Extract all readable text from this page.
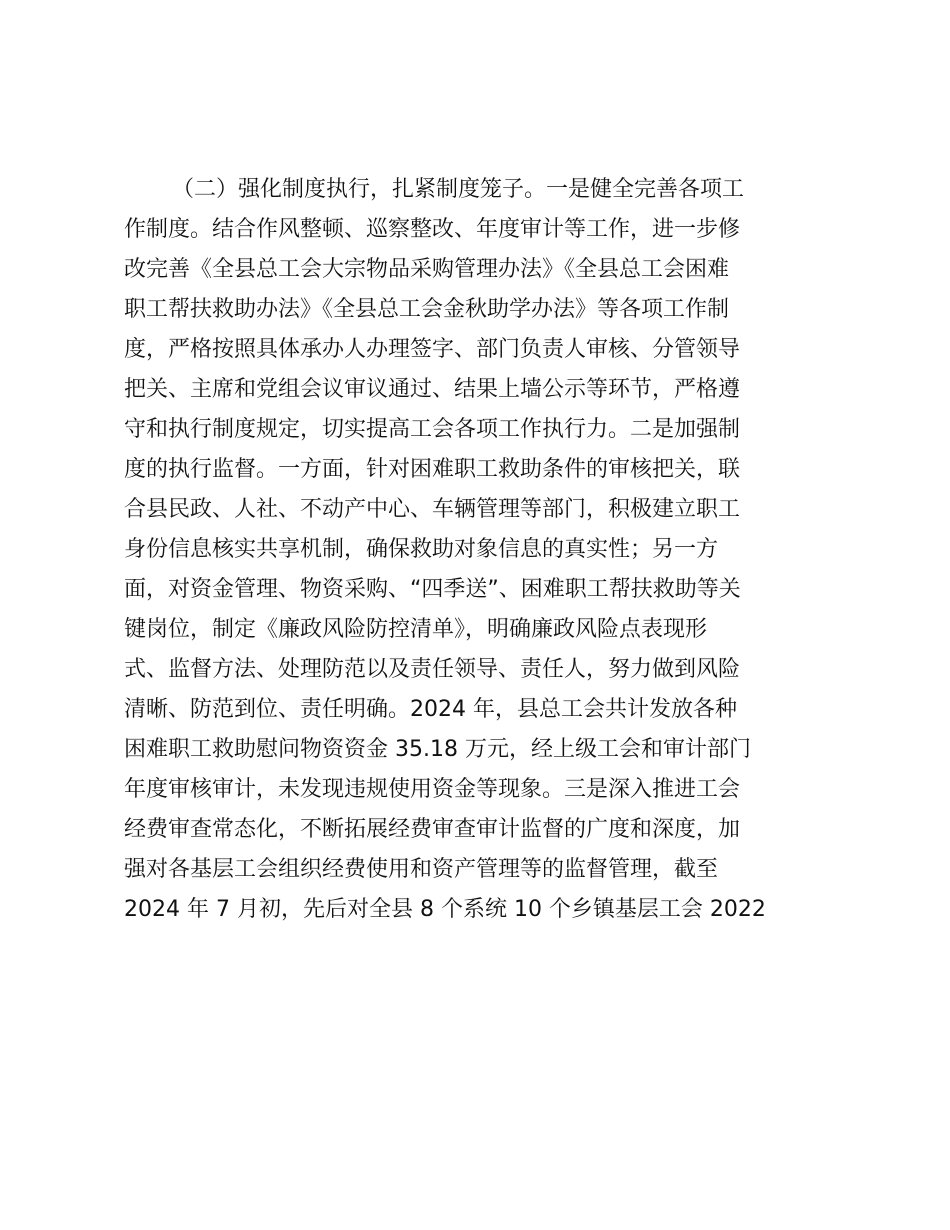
（二）强化制度执行，扎紧制度笼子。一是健全完善各项工
作制度。结合作风整顿、巡察整改、年度审计等工作，进一步修
改完善《全县总工会大宗物品采购管理办法》《全县总工会困难
职工帮扶救助办法》《全县总工会金秋助学办法》等各项工作制
度，严格按照具体承办人办理签字、部门负责人审核、分管领导
把关、主席和党组会议审议通过、结果上墙公示等环节，严格遵
守和执行制度规定，切实提高工会各项工作执行力。二是加强制
度的执行监督。一方面，针对困难职工救助条件的审核把关，联
合县民政、人社、不动产中心、车辆管理等部门，积极建立职工
身份信息核实共享机制，确保救助对象信息的真实性；另一方
面，对资金管理、物资采购、“四季送”、困难职工帮扶救助等关
键岗位，制定《廉政风险防控清单》，明确廉政风险点表现形
式、监督方法、处理防范以及责任领导、责任人，努力做到风险
清晰、防范到位、责任明确。2024 年，县总工会共计发放各种
困难职工救助慰问物资资金 35.18 万元，经上级工会和审计部门
年度审核审计，未发现违规使用资金等现象。三是深入推进工会
经费审查常态化，不断拓展经费审查审计监督的广度和深度，加
强对各基层工会组织经费使用和资产管理等的监督管理，截至
2024 年 7 月初，先后对全县 8 个系统 10 个乡镇基层工会 2022
